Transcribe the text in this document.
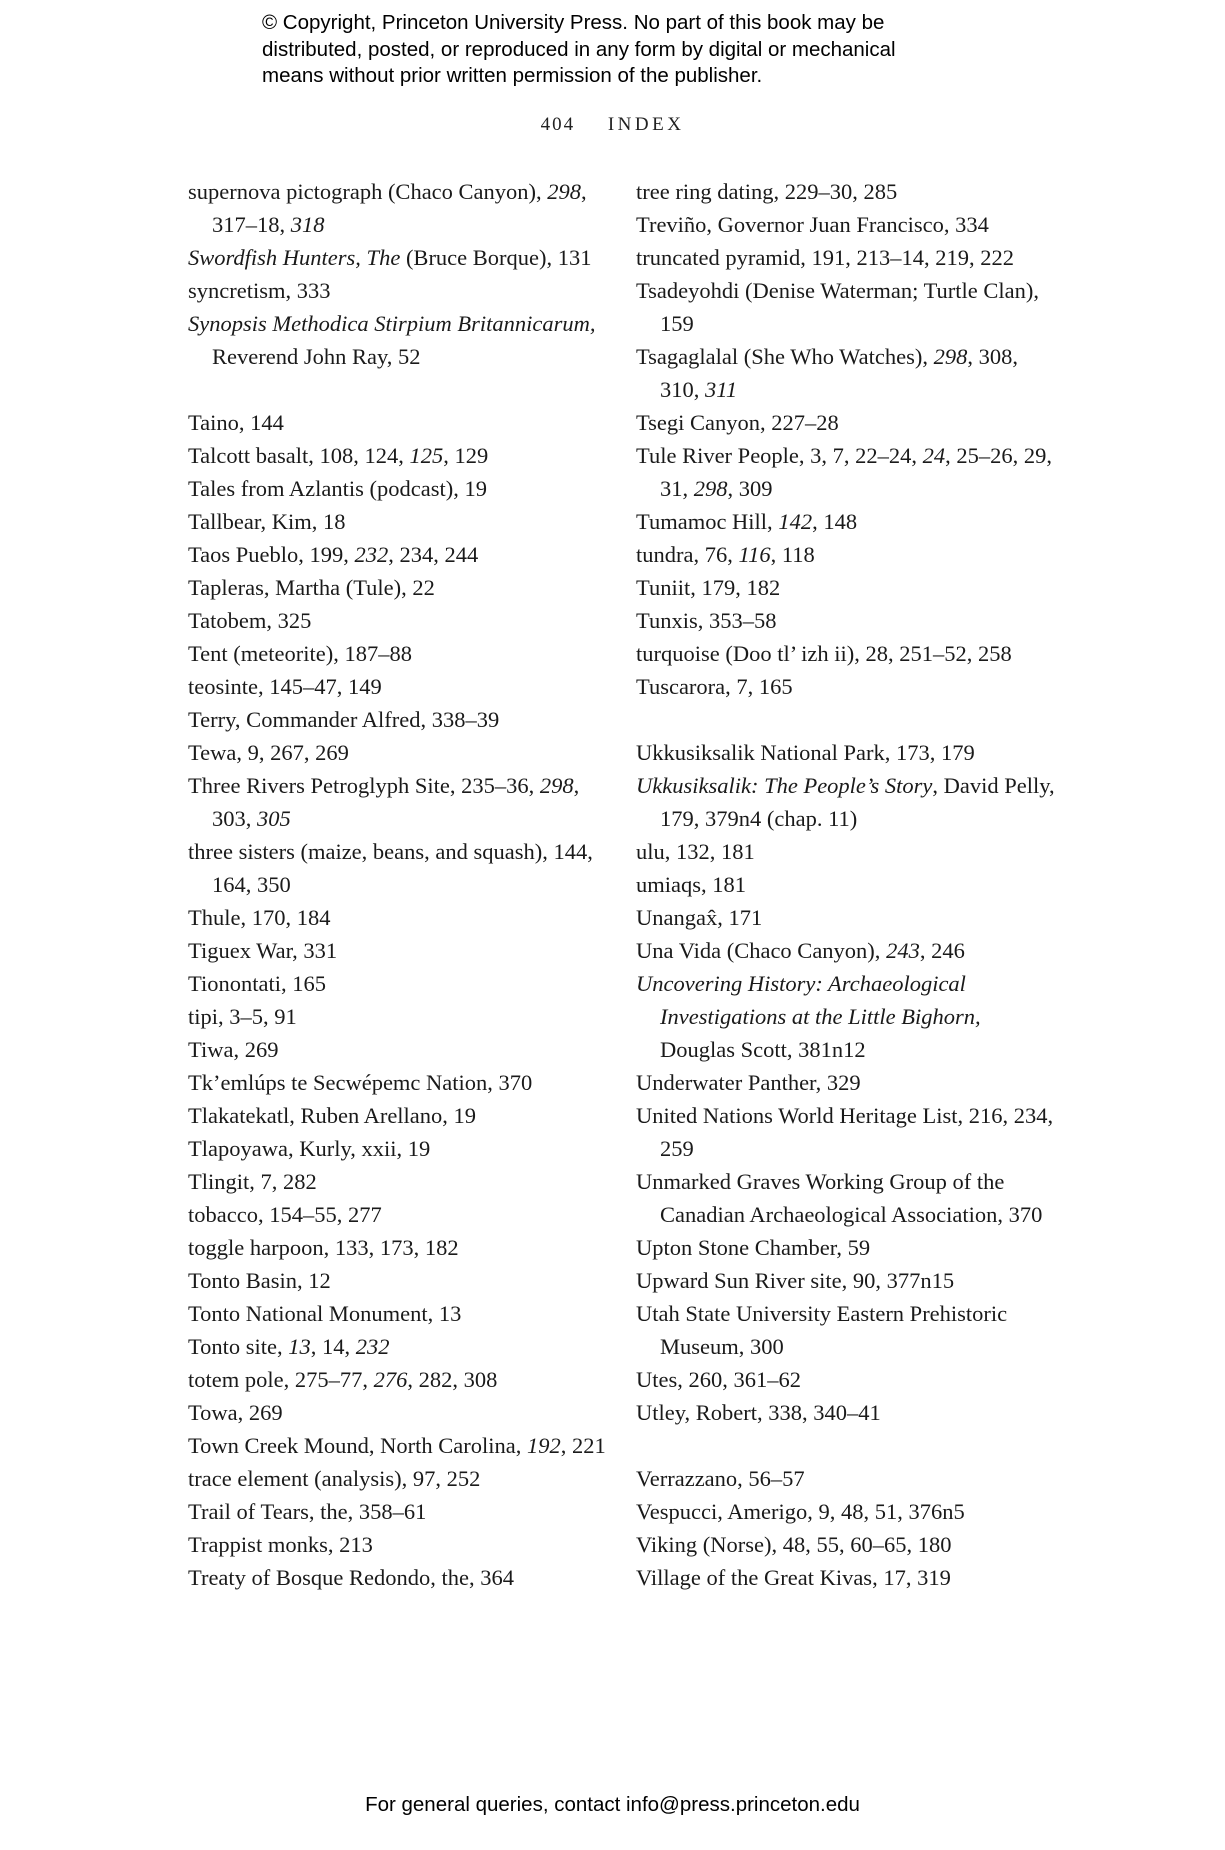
© Copyright, Princeton University Press. No part of this book may be
distributed, posted, or reproduced in any form by digital or mechanical
means without prior written permission of the publisher.
404 INDEX

supernova pictograph (Chaco Canyon), 298, 317–18, 318

Swordfish Hunters, The (Bruce Borque), 131

syncretism, 333

Synopsis Methodica Stirpium Britannicarum, Reverend John Ray, 52

Taino, 144

Talcott basalt, 108, 124, 125, 129

Tales from Azlantis (podcast), 19

Tallbear, Kim, 18

Taos Pueblo, 199, 232, 234, 244

Tapleras, Martha (Tule), 22

Tatobem, 325

Tent (meteorite), 187–88

teosinte, 145–47, 149

Terry, Commander Alfred, 338–39

Tewa, 9, 267, 269

Three Rivers Petroglyph Site, 235–36, 298, 303, 305

three sisters (maize, beans, and squash), 144, 164, 350

Thule, 170, 184

Tiguex War, 331

Tionontati, 165

tipi, 3–5, 91

Tiwa, 269

Tk’emlúps te Secwépemc Nation, 370

Tlakatekatl, Ruben Arellano, 19

Tlapoyawa, Kurly, xxii, 19

Tlingit, 7, 282

tobacco, 154–55, 277

toggle harpoon, 133, 173, 182

Tonto Basin, 12

Tonto National Monument, 13

Tonto site, 13, 14, 232

totem pole, 275–77, 276, 282, 308

Towa, 269

Town Creek Mound, North Carolina, 192, 221

trace element (analysis), 97, 252

Trail of Tears, the, 358–61

Trappist monks, 213

Treaty of Bosque Redondo, the, 364

tree ring dating, 229–30, 285

Treviño, Governor Juan Francisco, 334

truncated pyramid, 191, 213–14, 219, 222

Tsadeyohdi (Denise Waterman; Turtle Clan), 159

Tsagaglalal (She Who Watches), 298, 308, 310, 311

Tsegi Canyon, 227–28

Tule River People, 3, 7, 22–24, 24, 25–26, 29, 31, 298, 309

Tumamoc Hill, 142, 148

tundra, 76, 116, 118

Tuniit, 179, 182

Tunxis, 353–58

turquoise (Doo tl’ izh ii), 28, 251–52, 258

Tuscarora, 7, 165

Ukkusiksalik National Park, 173, 179

Ukkusiksalik: The People’s Story, David Pelly, 179, 379n4 (chap. 11)

ulu, 132, 181

umiaqs, 181

Unangax̂, 171

Una Vida (Chaco Canyon), 243, 246

Uncovering History: Archaeological Investigations at the Little Bighorn, Douglas Scott, 381n12

Underwater Panther, 329

United Nations World Heritage List, 216, 234, 259

Unmarked Graves Working Group of the Canadian Archaeological Association, 370

Upton Stone Chamber, 59

Upward Sun River site, 90, 377n15

Utah State University Eastern Prehistoric Museum, 300

Utes, 260, 361–62

Utley, Robert, 338, 340–41

Verrazzano, 56–57

Vespucci, Amerigo, 9, 48, 51, 376n5

Viking (Norse), 48, 55, 60–65, 180

Village of the Great Kivas, 17, 319

For general queries, contact info@press.princeton.edu
